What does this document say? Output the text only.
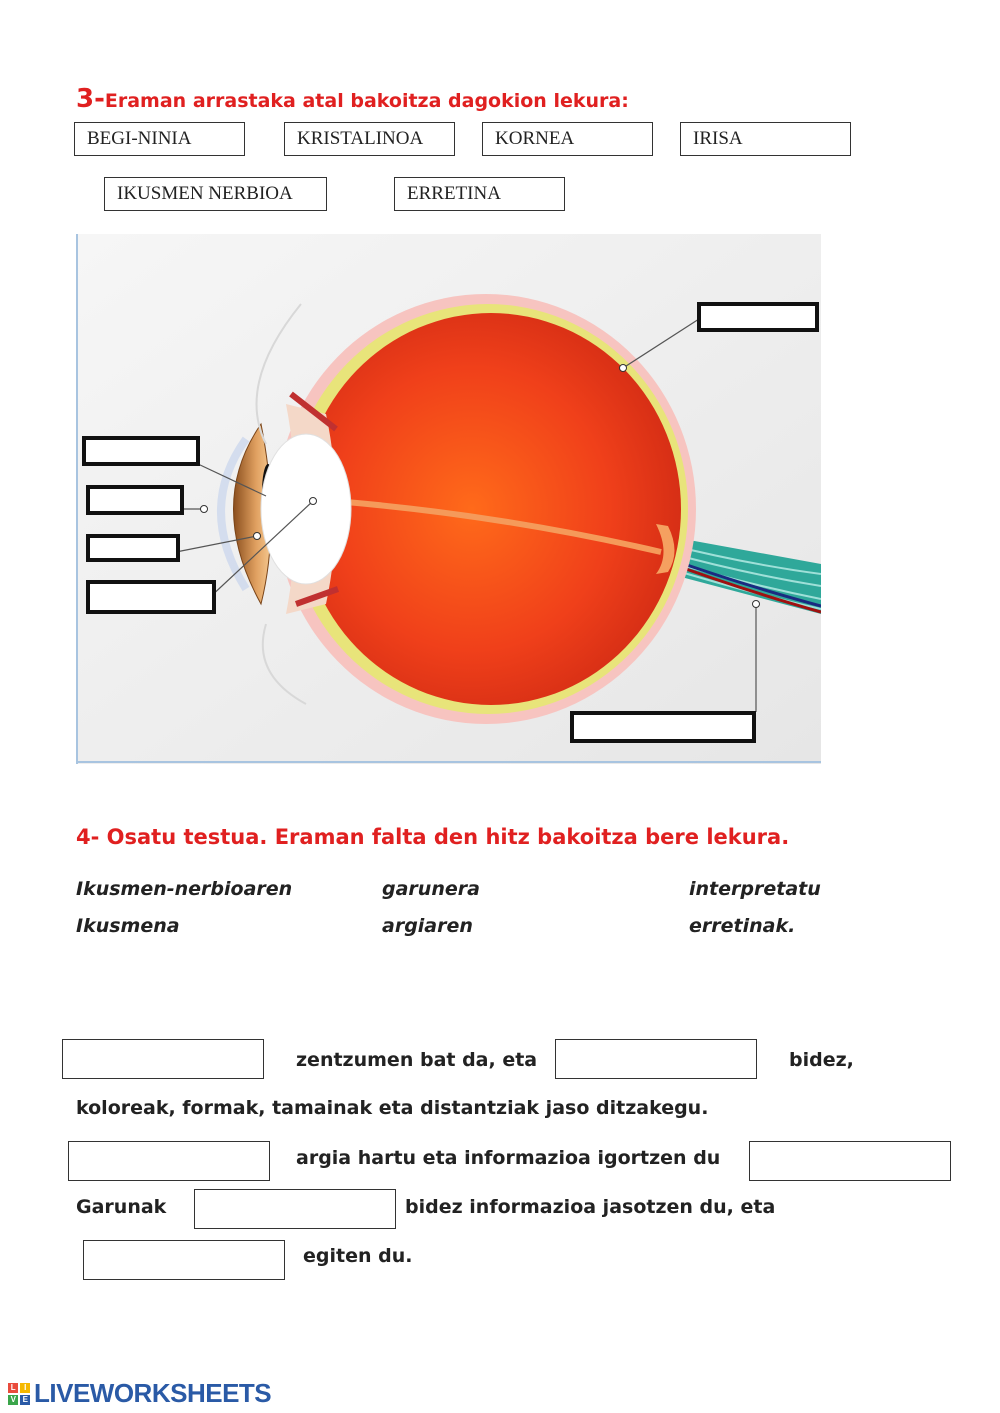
3-Eraman arrastaka atal bakoitza dagokion lekura:
BEGI-NINIA	KRISTALINOA	KORNEA	IRISA
IKUSMEN NERBIOA	ERRETINA
4- Osatu testua. Eraman falta den hitz bakoitza bere lekura.
Ikusmen-nerbioaren	garunera	interpretatu
Ikusmena	argiaren	erretinak.
zentzumen bat da, eta	bidez,
koloreak, formak, tamainak eta distantziak jaso ditzakegu.
argia hartu eta informazioa igortzen du
Garunak	bidez informazioa jasotzen du, eta
egiten du.
L	I
V E LIVEWORKSHEETS
